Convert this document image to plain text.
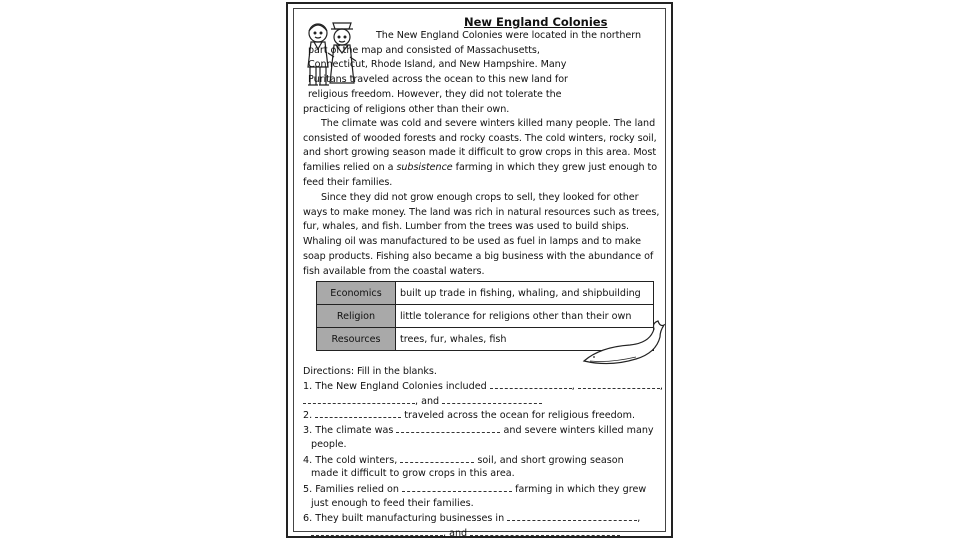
New England Colonies
The New England Colonies were located in the northern
part of the map and consisted of Massachusetts,
Connecticut, Rhode Island, and New Hampshire. Many
Puritans traveled across the ocean to this new land for
religious freedom. However, they did not tolerate the
practicing of religions other than their own.
The climate was cold and severe winters killed many people. The land consisted of wooded forests and rocky coasts. The cold winters, rocky soil, and short growing season made it difficult to grow crops in this area. Most families relied on a subsistence farming in which they grew just enough to feed their families.
Since they did not grow enough crops to sell, they looked for other ways to make money. The land was rich in natural resources such as trees, fur, whales, and fish. Lumber from the trees was used to build ships. Whaling oil was manufactured to be used as fuel in lamps and to make soap products. Fishing also became a big business with the abundance of fish available from the coastal waters.
Economics	built up trade in fishing, whaling, and shipbuilding
Religion	little tolerance for religions other than their own
Resources	trees, fur, whales, fish
Directions: Fill in the blanks.
1. The New England Colonies included	,	,
, and
2.	traveled across the ocean for religious freedom.
3. The climate was	and severe winters killed many
people.
4. The cold winters,	soil, and short growing season
made it difficult to grow crops in this area.
5. Families relied on	farming in which they grew
just enough to feed their families.
6. They built manufacturing businesses in	,
, and
